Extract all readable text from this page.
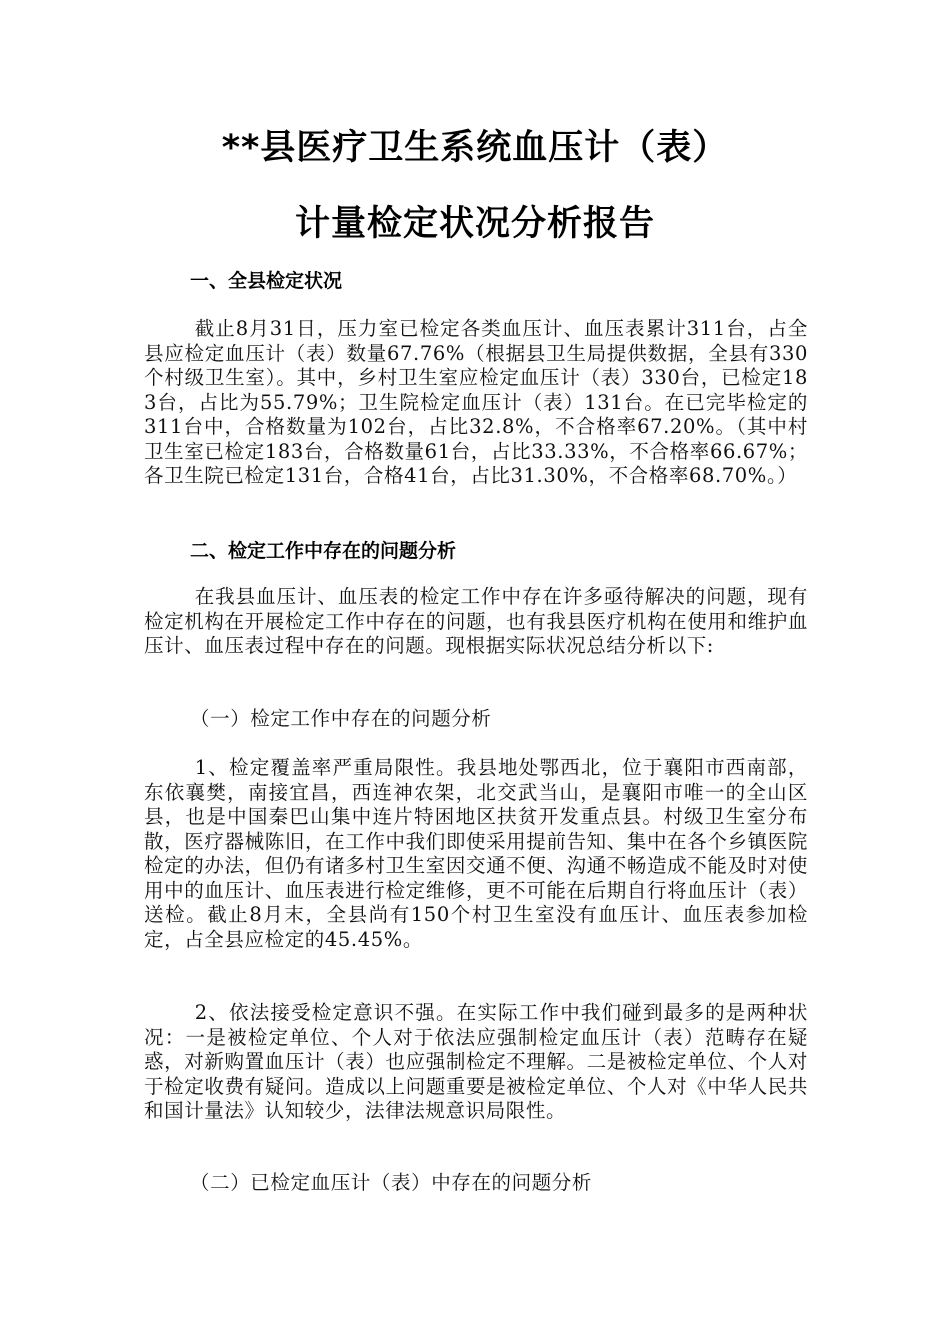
**县医疗卫生系统血压计（表）
计量检定状况分析报告
一、全县检定状况
截止8月31日，压力室已检定各类血压计、血压表累计311台，占全县应检定血压计（表）数量67.76%（根据县卫生局提供数据，全县有330个村级卫生室）。其中，乡村卫生室应检定血压计（表）330台，已检定183台，占比为55.79%；卫生院检定血压计（表）131台。在已完毕检定的311台中，合格数量为102台，占比32.8%，不合格率67.20%。（其中村卫生室已检定183台，合格数量61台，占比33.33%，不合格率66.67%；各卫生院已检定131台，合格41台，占比31.30%，不合格率68.70%。）
二、检定工作中存在的问题分析
在我县血压计、血压表的检定工作中存在许多亟待解决的问题，现有检定机构在开展检定工作中存在的问题，也有我县医疗机构在使用和维护血压计、血压表过程中存在的问题。现根据实际状况总结分析以下:
（一）检定工作中存在的问题分析
1、检定覆盖率严重局限性。我县地处鄂西北，位于襄阳市西南部，东依襄樊，南接宜昌，西连神农架，北交武当山，是襄阳市唯一的全山区县，也是中国秦巴山集中连片特困地区扶贫开发重点县。村级卫生室分布散，医疗器械陈旧，在工作中我们即使采用提前告知、集中在各个乡镇医院检定的办法，但仍有诸多村卫生室因交通不便、沟通不畅造成不能及时对使用中的血压计、血压表进行检定维修，更不可能在后期自行将血压计（表）送检。截止8月末，全县尚有150个村卫生室没有血压计、血压表参加检定，占全县应检定的45.45%。
2、依法接受检定意识不强。在实际工作中我们碰到最多的是两种状况：一是被检定单位、个人对于依法应强制检定血压计（表）范畴存在疑惑，对新购置血压计（表）也应强制检定不理解。二是被检定单位、个人对于检定收费有疑问。造成以上问题重要是被检定单位、个人对《中华人民共和国计量法》认知较少，法律法规意识局限性。
（二）已检定血压计（表）中存在的问题分析
